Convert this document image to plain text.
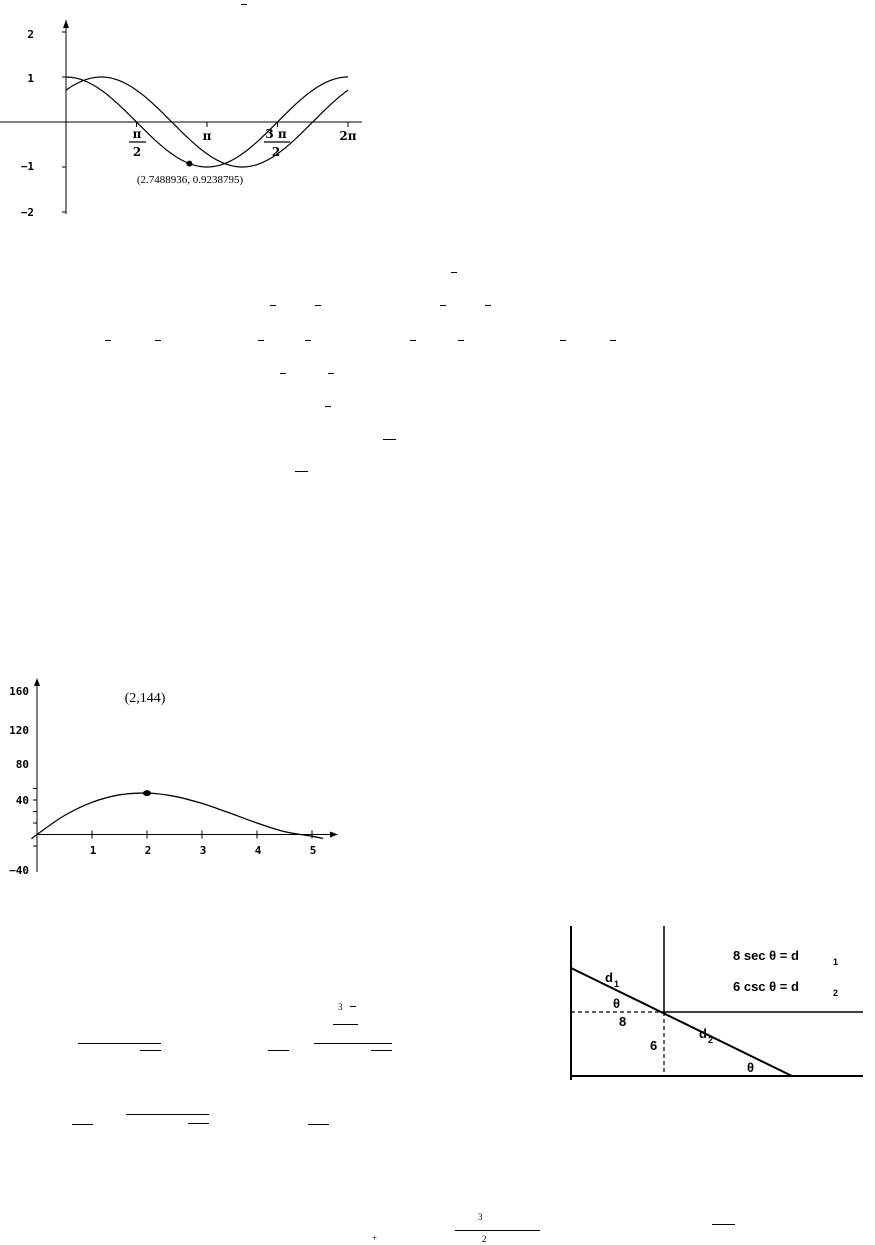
2
1
−1
−2
π
2
π	3 π
2
2π
(2.7488936, 0.9238795)
160
120
80
40
−40
1	2	3	4	5
(2,144)
d 1
θ
8
6
d 2
θ
8 sec θ = d	1
6 csc θ = d	2
3
3
+	2
